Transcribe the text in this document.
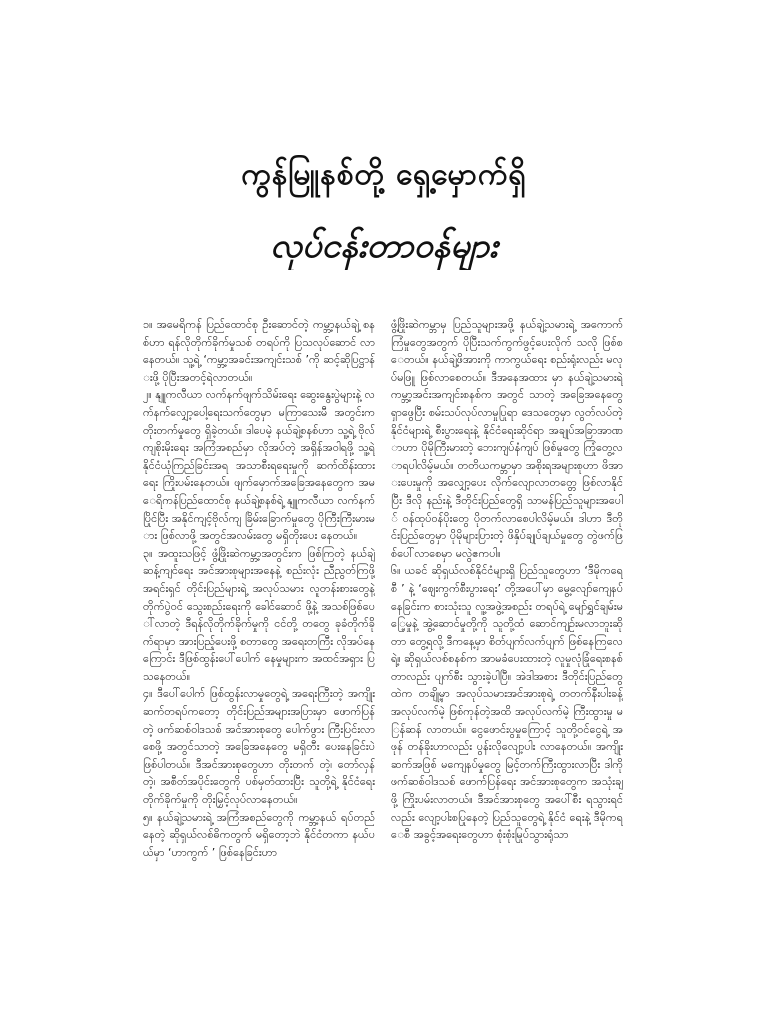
ကွန်မြူနစ်တို့ ရှေ့မှောက်ရှိ
လုပ်ငန်းတာဝန်များ

၁။ အမေရိကန် ပြည်ထောင်စု ဦးဆောင်တဲ့ ကမ္ဘာ့နယ်ချဲ့ စနစ်ဟာ ရန်လိုတိုက်ခိုက်မှုသစ် တရပ်ကို ပြသလုပ်ဆောင် လာနေတယ်။ သူ့ရဲ့ ‘ကမ္ဘာ့အခင်းအကျင်းသစ် ’ကို ဆင့်ဆိုပြဋ္ဌာန်းဖို့ ပိုပြီးအတင့်ရဲလာတယ်။

၂။ နျူကလီယာ လက်နက်ဖျက်သိမ်းရေး ဆွေးနွေးပွဲများနဲ့ လက်နက်လျှော့ပေါ့ရေးသက်တွေမှာ မကြာသေးမီ အတွင်းက တိုးတက်မှုတွေ ရှိခဲ့တယ်။ ဒါပေမဲ့ နယ်ချဲ့စနစ်ဟာ သူ့ရဲ့ ဗိုလ်ကျစိုးမိုးရေး အကြံအစည်မှာ လိုအပ်တဲ့ အရှိန်အဝါရဖို့ သူ့ရဲ့ နိုင်ငံယုံကြည်ခြင်းအရ အသာစီးရရေးမှုကို ဆက်ထိန်းထား ရေး ကြိုးပမ်းနေတယ်။ ဖျက်မှောက်အခြေအနေတွေက အမေရိကန်ပြည်ထောင်စု နယ်ချဲ့စနစ်ရဲ့ နျူကလီယာ လက်နက်ပြိုင်ပြီး အနိုင်ကျင့်ဗိုလ်ကျ ခြိမ်းခြောက်မှုတွေ ပိုကြီးကြီးမားမား ဖြစ်လာဖို့ အတွင်အလမ်းတွေ မရှိတိုးပေး နေတယ်။

၃။ အထူးသဖြင့် ဖွံ့ဖြိုးဆဲကမ္ဘာ့အတွင်းက ဖြစ်ကြတဲ့ နယ်ချဲ့ဆန့်ကျင်ရေး အင်အားစုများအနေနဲ့ စည်းလုံး ညီညွတ်ကြဖို့ အရင်းရှင် တိုင်းပြည်များရဲ့ အလုပ်သမား လူတန်းစားတွေနဲ့ တိုက်ပွဲဝင် သွေးစည်းရေးကို ခေါင်ဆောင် ဖို့နဲ့ အသစ်ဖြစ်ပေါ်လာတဲ့ ဒီရန်လိုတိုက်ခိုက်မှုကို ငင်တို့ တတွေ ခုခံတိုက်ခိုက်ရာမှာ အားပြည့်ပေးဖို့ စတာတွေ အရေးတကြီး လိုအပ်နေကြောင်း ဒီဖြစ်ထွန်းပေါ်ပေါက် နေမှုများက အထင်အရှား ပြသနေတယ်။

၄။ ဒီပေါ်ပေါက် ဖြစ်ထွန်းလာမှုတွေရဲ့ အရေးကြီးတဲ့ အကျိုးဆက်တရပ်ကတော့ တိုင်းပြည်အများအပြားမှာ ဖောက်ပြန်တဲ့ ဖက်ဆစ်ဝါဒသစ် အင်အားစုတွေ ပေါက်ဖွား ကြီးပြင်းလာစေဖို့ အတွင်သာတဲ့ အခြေအနေတွေ မရှိတီး ပေးနေခြင်းပဲ ဖြစ်ပါတယ်။ ဒီအင်အားစုတွေဟာ တိုးတက် တဲ့၊ တော်လှန်တဲ့၊ အစီတ်အပိုင်းတွေကို ပစ်မှတ်ထားပြီး သူတို့ရဲ့ နိုင်ငံရေး တိုက်ခိုက်မှုကို တိုးမြှင့်လုပ်လာနေတယ်။

၅။ နယ်ချဲ့သမားရဲ့ အကြံအစည်တွေကို ကမ္ဘာ့နယ် ရပ်တည်နေတဲ့ ဆိုရှယ်လစ်ဓိကတွက် မရှိတော့ဘဲ နိုင်ငံတကာ နယ်ပယ်မှာ ‘ဟာကွက် ’ ဖြစ်နေခြင်းဟာ

ဖွံ့ဖြိုးဆဲကမ္ဘာမှ ပြည်သူများအဖို့ နယ်ချဲ့သမားရဲ့ အကောက်ကြံမှုတွေအတွက် ပိုပြီးသက်ကွက်ဖွင့်ပေးလိုက် သလို ဖြစ်စေတယ်။ နယ်ချဲ့ဖိအားကို ကာကွယ်ရေး စည်းရုံးလည်း မလုပ်မဖြူ ဖြစ်လာစေတယ်။ ဒီအနေအထား မှာ နယ်ချဲ့သမားရဲ့ ကမ္ဘာ့အင်းအကျင်းစနစ်က အတွင် သာတဲ့ အခြေအနေတွေ ရှာဖွေပြီး စမ်းသပ်လုပ်လာမှုပြုရာ ဒေသတွေမှာ လွတ်လပ်တဲ့ နိုင်ငံများရဲ့ စီးပွားရေးနဲ့ နိုင်ငံရေးဆိုင်ရာ အချုပ်အခြာအာဏာဟာ ပိုမိုကြီးမားတဲ့ ဘေးကျပ်နံကျပ် ဖြစ်မှုတွေ ကြုံတွေ့လာရပါလိမ့်မယ်။ တတိယကမ္ဘာမှာ အစိုးရအများစုဟာ ဖိအားပေးမှုကို အလျှော့ပေး လိုက်လျောလာတတ္တေ ဖြစ်လာနိုင်ပြီး ဒီလို နည်းနဲ့ ဒီတိုင်းပြည်တွေရှိ သာမန်ပြည်သူများအပေါ် ဝန်ထုပ်ဝန်ပိုးတွေ ပိုတက်လာစေပါလိမ့်မယ်။ ဒါဟာ ဒီတိုင်းပြည်တွေမှာ ပိုမိုများပြားတဲ့ ဖိနှိပ်ချုပ်ချယ်မှုတွေ တွဲဖက်ဖြစ်ပေါ်လာစေမှာ မလွဲဧကပါ။

၆။ ယခင် ဆိုရှယ်လစ်နိုင်ငံများရှိ ပြည်သူတွေဟာ ‘ဒီမိုကရေစီ ’ နဲ့ ‘ဈေးကွက်စီးပွားရေး’ တို့အပေါ်မှာ မွေ့လျော်ကျေနပ်နေခြင်းက စားသုံးသူ လူ့အဖွဲ့အစည်း တရပ်ရဲ့ မျော်ရွှင်ချမ်းမြေ့မှုနဲ့ အွဲ့ဆောင်မှုတို့ကို သူတို့ထံ ဆောင်ကျဉ်းမလာဘူးဆိုတာ တွေ့ရလို့ ဒီကနေ့မှာ စိတ်ပျက်လက်ပျက် ဖြစ်နေကြလေရဲ့။ ဆိုရှယ်လစ်စနစ်က အာမခံပေးထားတဲ့ လူမှုလုံခြုံရေးစနစ်တာလည်း ပျက်စီး သွားခဲ့ပါပြီ။ အဲဒါအစား ဒီတိုင်းပြည်တွေထဲက တချို့မှာ အလုပ်သမားအင်အားစုရဲ့ တတက်နီးပါးခန့် အလုပ်လက်မဲ့ ဖြစ်ကုန်တဲ့အထိ အလုပ်လက်မဲ့ ကြီးထွားမှု မြန်ဆန် လာတယ်။ ငွေဖောင်းပွမှုကြောင့် သူတို့ဝင်ငွေရဲ့ အဖုန် တန်ခိုးဟာလည်း ပွန်းလိုလျော့ပါး လာနေတယ်။ အကျိုး ဆက်အဖြစ် မကျေနပ်မှုတွေ မြင့်တက်ကြီးထွားလာပြီး ဒါကို ဖက်ဆစ်ဝါဒသစ် ဖောက်ပြန်ရေး အင်အားစုတွေက အသုံးချဖို့ ကြိုးပမ်းလာတယ်။ ဒီအင်အားစုတွေ အပေါ်စီး ရသွားရင်လည်း လျော့ပါးစပြုနေတဲ့ ပြည်သူတွေရဲ့ နိုင်ငံ ရေးနဲ့ ဒီမိုကရေစီ အခွင့်အရေးတွေဟာ စုံးစုံးမြုပ်သွားရုံသာ
